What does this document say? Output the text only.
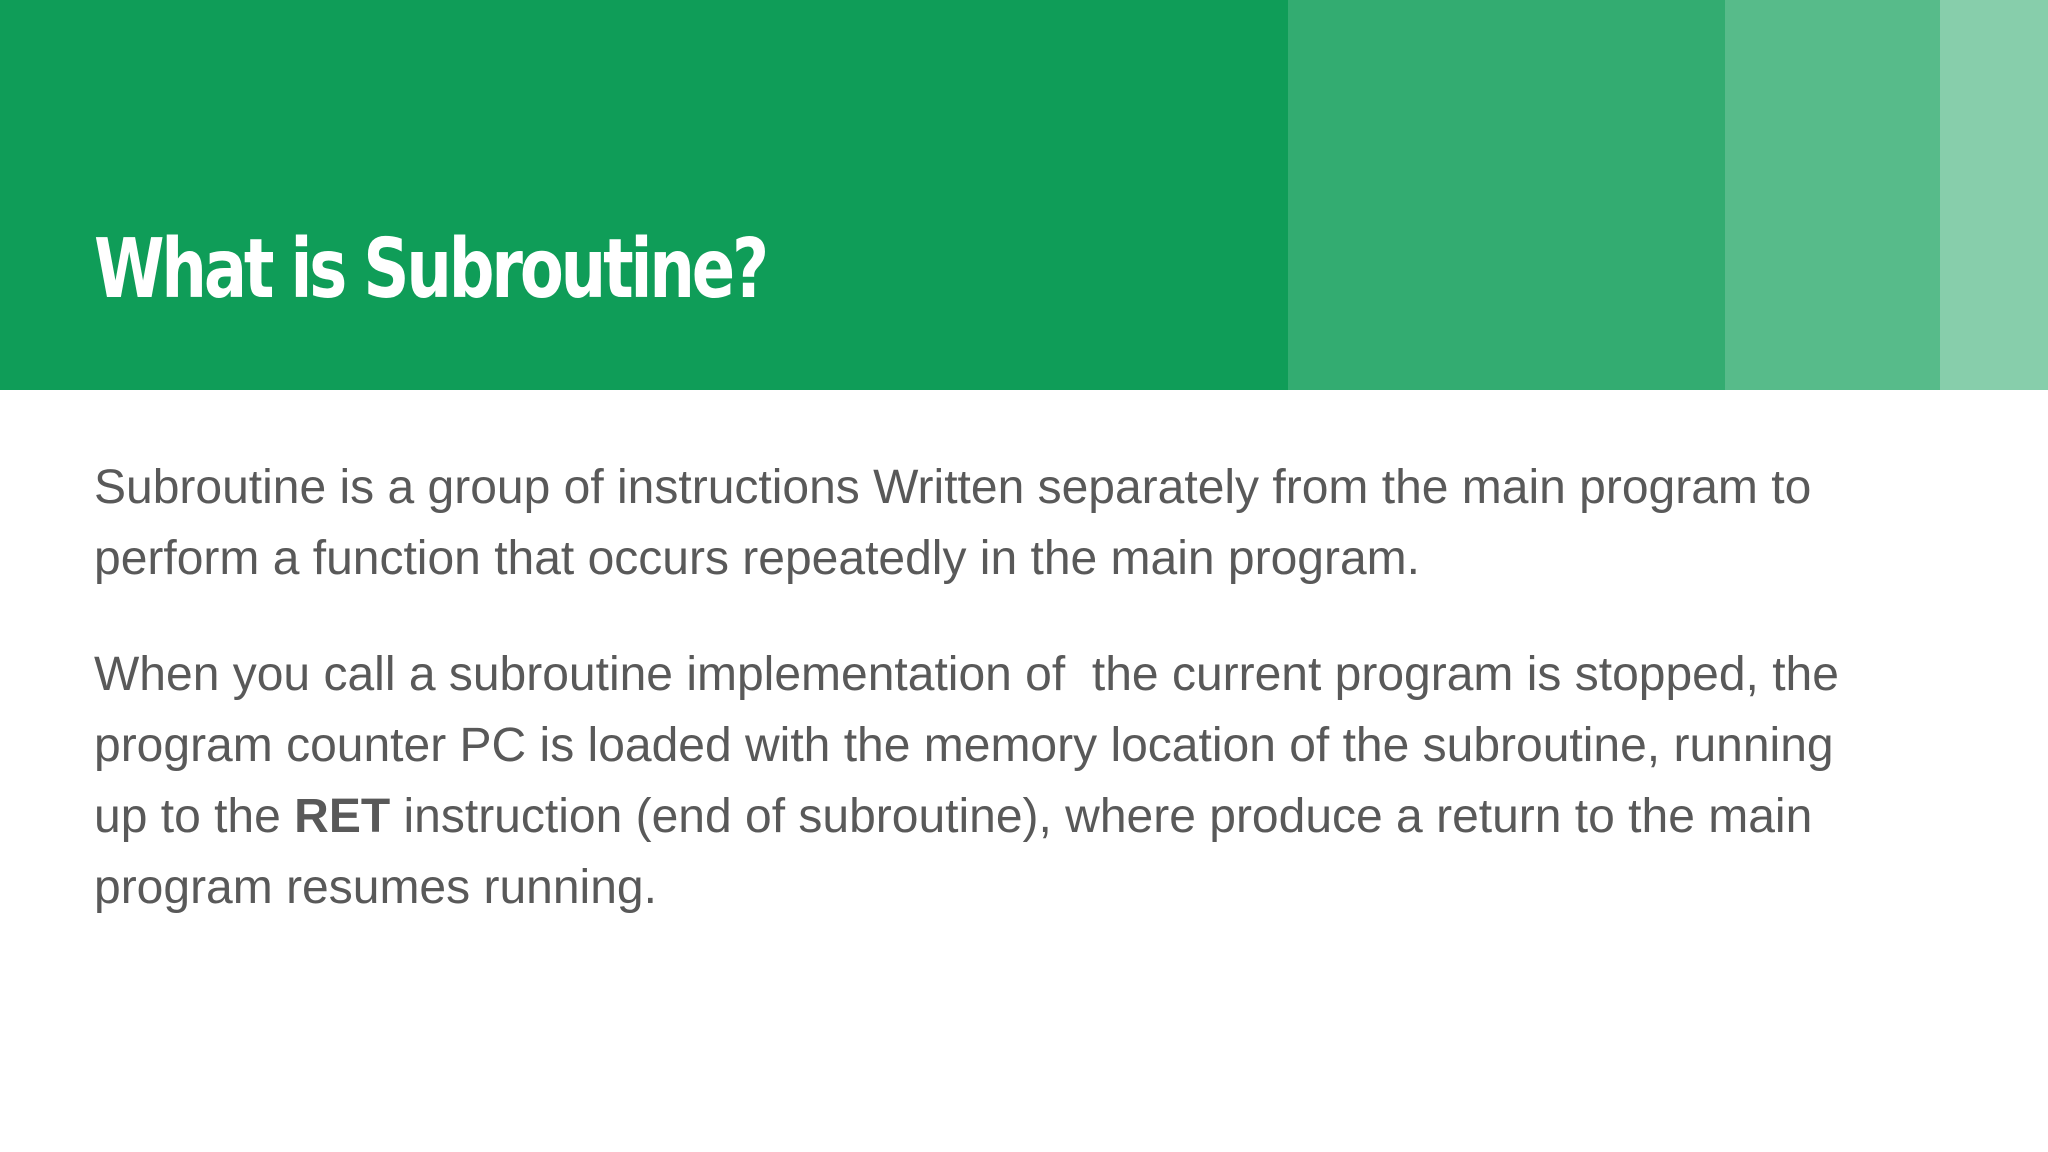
What is Subroutine?

Subroutine is a group of instructions Written separately from the main program to
perform a function that occurs repeatedly in the main program.

When you call a subroutine implementation of  the current program is stopped, the
program counter PC is loaded with the memory location of the subroutine, running
up to the RET instruction (end of subroutine), where produce a return to the main
program resumes running.
